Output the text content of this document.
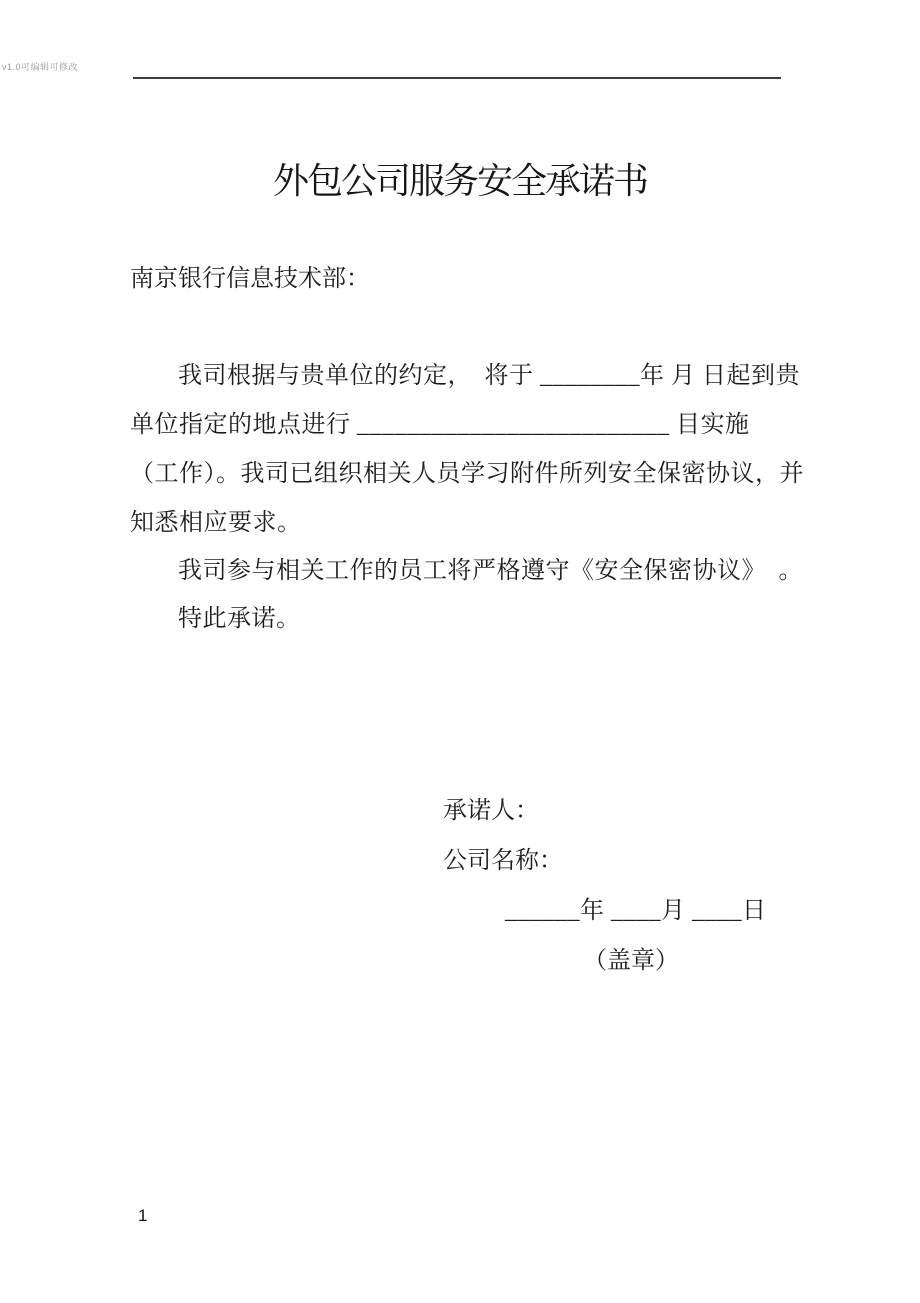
v1.0可编辑可修改
外包公司服务安全承诺书
南京银行信息技术部：
我司根据与贵单位的约定，　将于 ________年 月 日起到贵
单位指定的地点进行 _________________________ 目实施
（工作）。我司已组织相关人员学习附件所列安全保密协议，并
知悉相应要求。
我司参与相关工作的员工将严格遵守《安全保密协议》　。
特此承诺。
承诺人：
公司名称：
______年 ____月 ____日
（盖章）
1
